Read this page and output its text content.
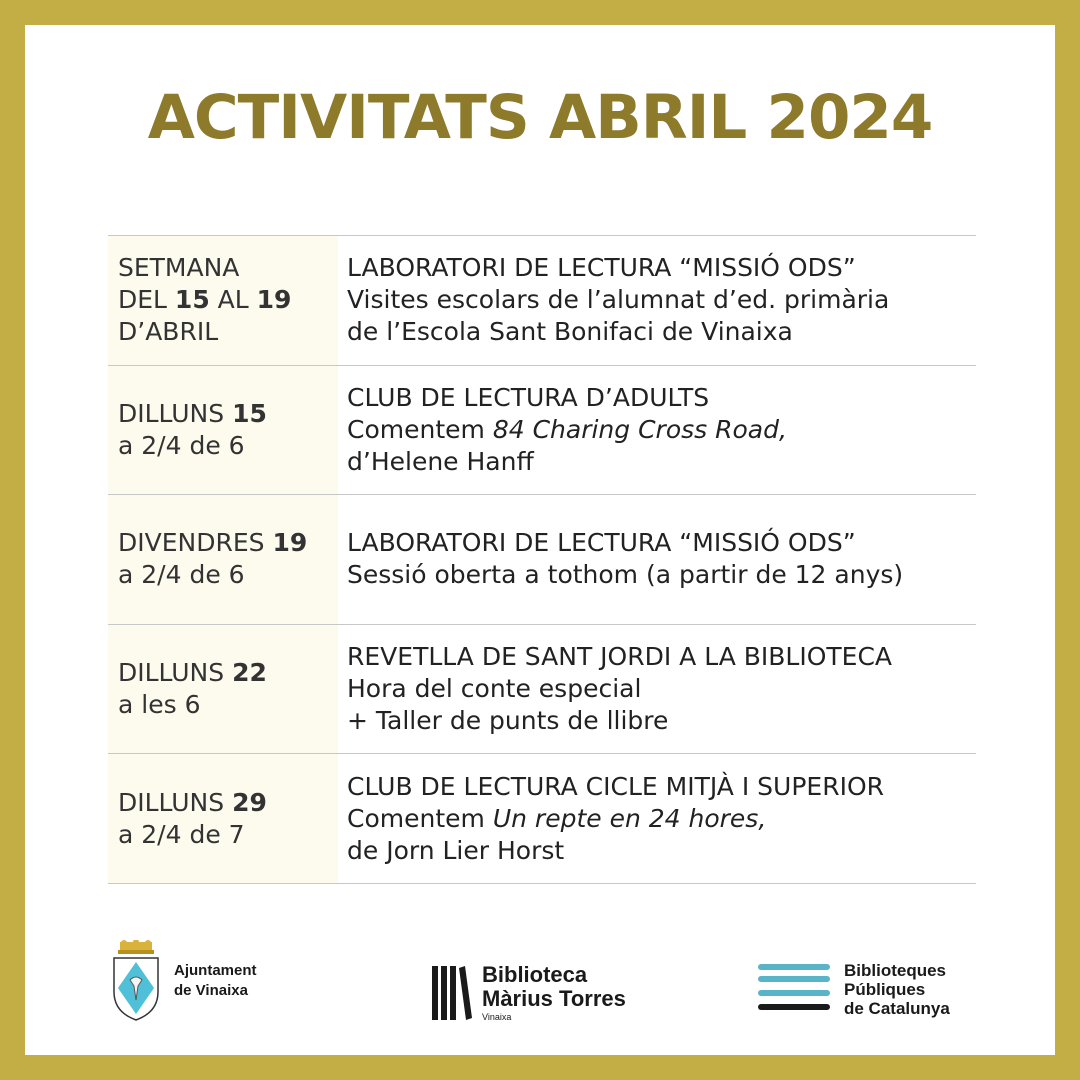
ACTIVITATS ABRIL 2024
SETMANA
DEL 15 AL 19
D’ABRIL
LABORATORI DE LECTURA “MISSIÓ ODS”
Visites escolars de l’alumnat d’ed. primària
de l’Escola Sant Bonifaci de Vinaixa
DILLUNS 15
a 2/4 de 6
CLUB DE LECTURA D’ADULTS
Comentem 84 Charing Cross Road,
d’Helene Hanff
DIVENDRES 19
a 2/4 de 6
LABORATORI DE LECTURA “MISSIÓ ODS”
Sessió oberta a tothom (a partir de 12 anys)
DILLUNS 22
a les 6
REVETLLA DE SANT JORDI A LA BIBLIOTECA
Hora del conte especial
+ Taller de punts de llibre
DILLUNS 29
a 2/4 de 7
CLUB DE LECTURA CICLE MITJÀ I SUPERIOR
Comentem Un repte en 24 hores,
de Jorn Lier Horst
Ajuntament
de Vinaixa
Biblioteca
Màrius Torres
Vinaixa
Biblioteques
Públiques
de Catalunya
